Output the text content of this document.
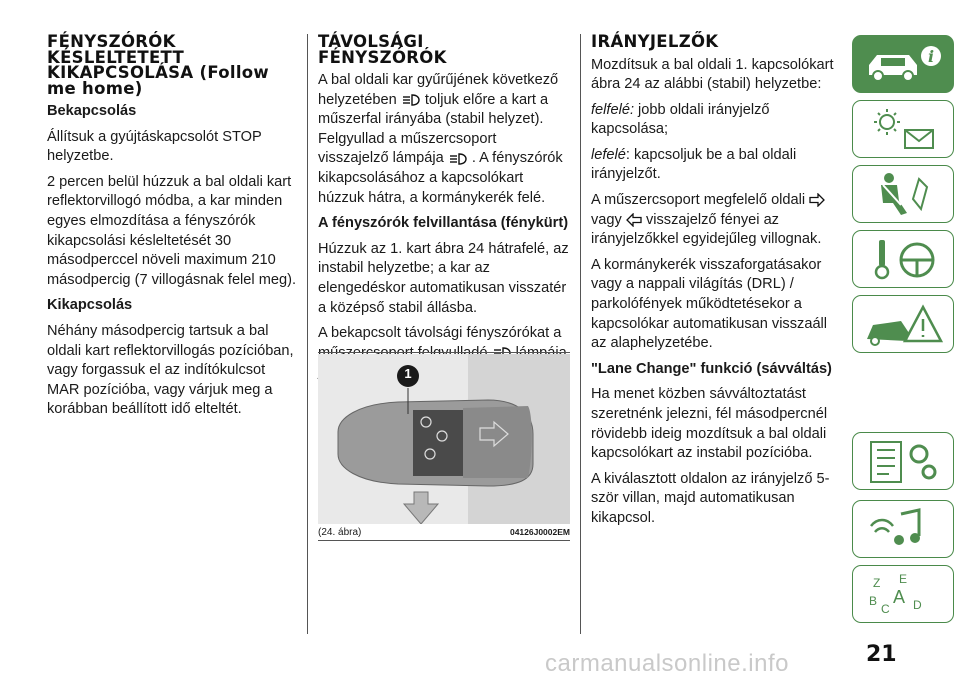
FÉNYSZÓRÓK KÉSLELTETETT KIKAPCSOLÁSA (Follow me home)

Bekapcsolás

Állítsuk a gyújtáskapcsolót STOP helyzetbe.

2 percen belül húzzuk a bal oldali kart reflektorvillogó módba, a kar minden egyes elmozdítása a fényszórók kikapcsolási késleltetését 30 másodperccel növeli maximum 210 másodpercig (7 villogásnak felel meg).

Kikapcsolás

Néhány másodpercig tartsuk a bal oldali kart reflektorvillogás pozícióban, vagy forgassuk el az indítókulcsot MAR pozícióba, vagy várjuk meg a korábban beállított idő elteltét.

TÁVOLSÁGI FÉNYSZÓRÓK

A bal oldali kar gyűrűjének következő helyzetében toljuk előre a kart a műszerfal irányába (stabil helyzet). Felgyullad a műszercsoport visszajelző lámpája . A fényszórók kikapcsolásához a kapcsolókart húzzuk hátra, a kormánykerék felé.

A fényszórók felvillantása (fénykürt)

Húzzuk az 1. kart ábra 24 hátrafelé, az instabil helyzetbe; a kar az elengedéskor automatikusan visszatér a középső stabil állásba.

A bekapcsolt távolsági fényszórókat a

1
(24. ábra)	04126J0002EM
IRÁNYJELZŐK

Mozdítsuk a bal oldali 1. kapcsolókart ábra 24 az alábbi (stabil) helyzetbe:

felfelé: jobb oldali irányjelző kapcsolása;

lefelé: kapcsoljuk be a bal oldali irányjelzőt.

A műszercsoport megfelelő oldali  vagy visszajelző fényei az irányjelzőkkel egyidejűleg villognak.

A kormánykerék visszaforgatásakor vagy a nappali világítás (DRL) / parkolófények működtetésekor a kapcsolókar automatikusan visszaáll az alaphelyzetébe.

"Lane Change" funkció (sávváltás)

Ha menet közben sávváltoztatást szeretnénk jelezni, fél másodpercnél rövidebb ideig mozdítsuk a bal oldali kapcsolókart az instabil pozícióba.

A kiválasztott oldalon az irányjelző 5-ször villan, majd automatikusan kikapcsol.

i
Z E
B
C
A D
21
carmanualsonline.info
